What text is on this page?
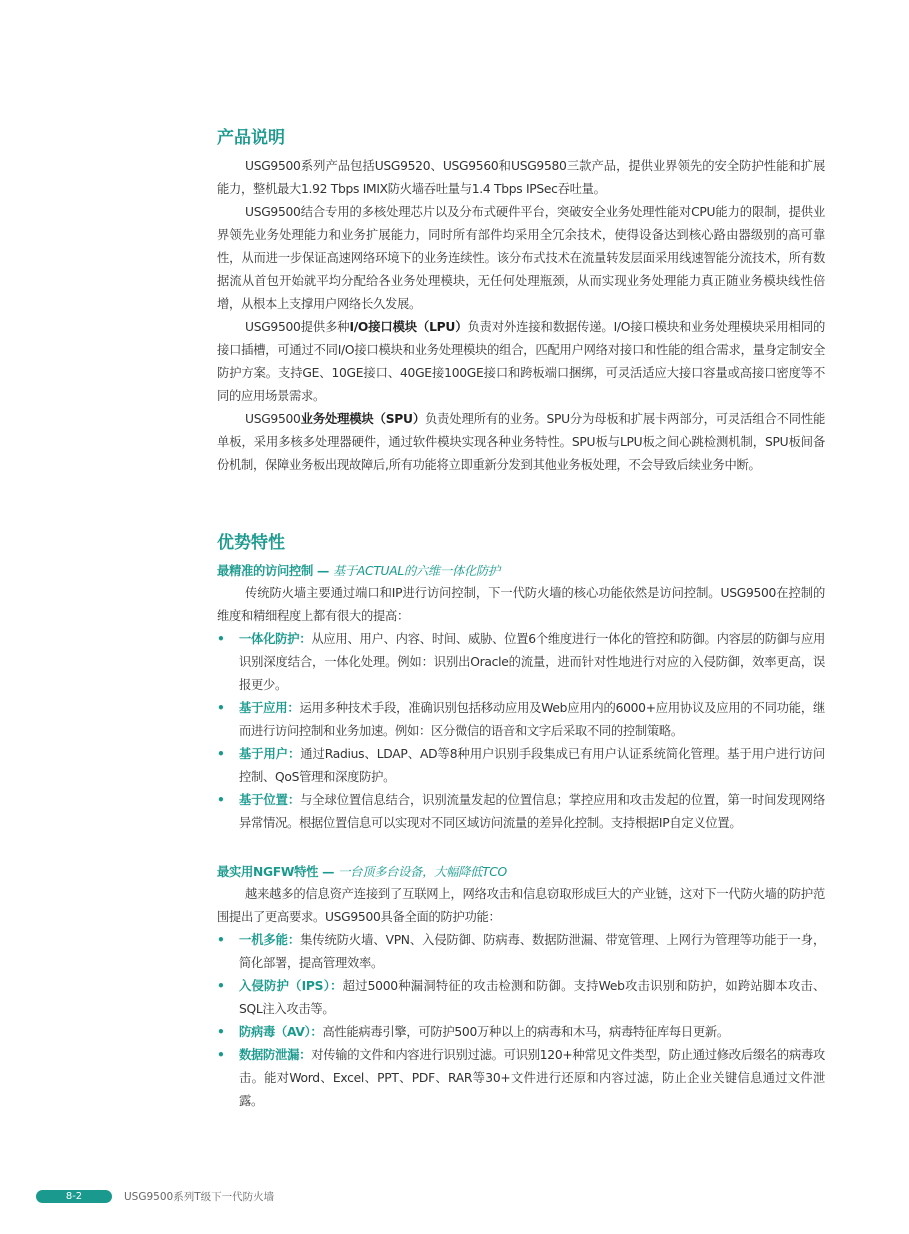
产品说明

USG9500系列产品包括USG9520、USG9560和USG9580三款产品，提供业界领先的安全防护性能和扩展能力，整机最大1.92 Tbps IMIX防火墙吞吐量与1.4 Tbps IPSec吞吐量。

USG9500结合专用的多核处理芯片以及分布式硬件平台，突破安全业务处理性能对CPU能力的限制，提供业界领先业务处理能力和业务扩展能力，同时所有部件均采用全冗余技术，使得设备达到核心路由器级别的高可靠性，从而进一步保证高速网络环境下的业务连续性。该分布式技术在流量转发层面采用线速智能分流技术，所有数据流从首包开始就平均分配给各业务处理模块，无任何处理瓶颈，从而实现业务处理能力真正随业务模块线性倍增，从根本上支撑用户网络长久发展。

USG9500提供多种I/O接口模块（LPU）负责对外连接和数据传递。I/O接口模块和业务处理模块采用相同的接口插槽，可通过不同I/O接口模块和业务处理模块的组合，匹配用户网络对接口和性能的组合需求，量身定制安全防护方案。支持GE、10GE接口、40GE接100GE接口和跨板端口捆绑，可灵活适应大接口容量或高接口密度等不同的应用场景需求。

USG9500业务处理模块（SPU）负责处理所有的业务。SPU分为母板和扩展卡两部分，可灵活组合不同性能单板，采用多核多处理器硬件，通过软件模块实现各种业务特性。SPU板与LPU板之间心跳检测机制，SPU板间备份机制，保障业务板出现故障后,所有功能将立即重新分发到其他业务板处理，不会导致后续业务中断。

优势特性
最精准的访问控制 — 基于ACTUAL的六维一体化防护

传统防火墙主要通过端口和IP进行访问控制，下一代防火墙的核心功能依然是访问控制。USG9500在控制的维度和精细程度上都有很大的提高：

• 一体化防护：从应用、用户、内容、时间、威胁、位置6个维度进行一体化的管控和防御。内容层的防御与应用识别深度结合，一体化处理。例如：识别出Oracle的流量，进而针对性地进行对应的入侵防御，效率更高，误报更少。
• 基于应用：运用多种技术手段，准确识别包括移动应用及Web应用内的6000+应用协议及应用的不同功能，继而进行访问控制和业务加速。例如：区分微信的语音和文字后采取不同的控制策略。
• 基于用户：通过Radius、LDAP、AD等8种用户识别手段集成已有用户认证系统简化管理。基于用户进行访问控制、QoS管理和深度防护。
• 基于位置：与全球位置信息结合，识别流量发起的位置信息；掌控应用和攻击发起的位置，第一时间发现网络异常情况。根据位置信息可以实现对不同区域访问流量的差异化控制。支持根据IP自定义位置。
最实用NGFW特性 — 一台顶多台设备，大幅降低TCO

越来越多的信息资产连接到了互联网上，网络攻击和信息窃取形成巨大的产业链，这对下一代防火墙的防护范围提出了更高要求。USG9500具备全面的防护功能：

• 一机多能：集传统防火墙、VPN、入侵防御、防病毒、数据防泄漏、带宽管理、上网行为管理等功能于一身，简化部署，提高管理效率。
• 入侵防护（IPS）：超过5000种漏洞特征的攻击检测和防御。支持Web攻击识别和防护，如跨站脚本攻击、SQL注入攻击等。
• 防病毒（AV）：高性能病毒引擎，可防护500万种以上的病毒和木马，病毒特征库每日更新。
• 数据防泄漏：对传输的文件和内容进行识别过滤。可识别120+种常见文件类型，防止通过修改后缀名的病毒攻击。能对Word、Excel、PPT、PDF、RAR等30+文件进行还原和内容过滤，防止企业关键信息通过文件泄露。
8-2	USG9500系列T级下一代防火墙
